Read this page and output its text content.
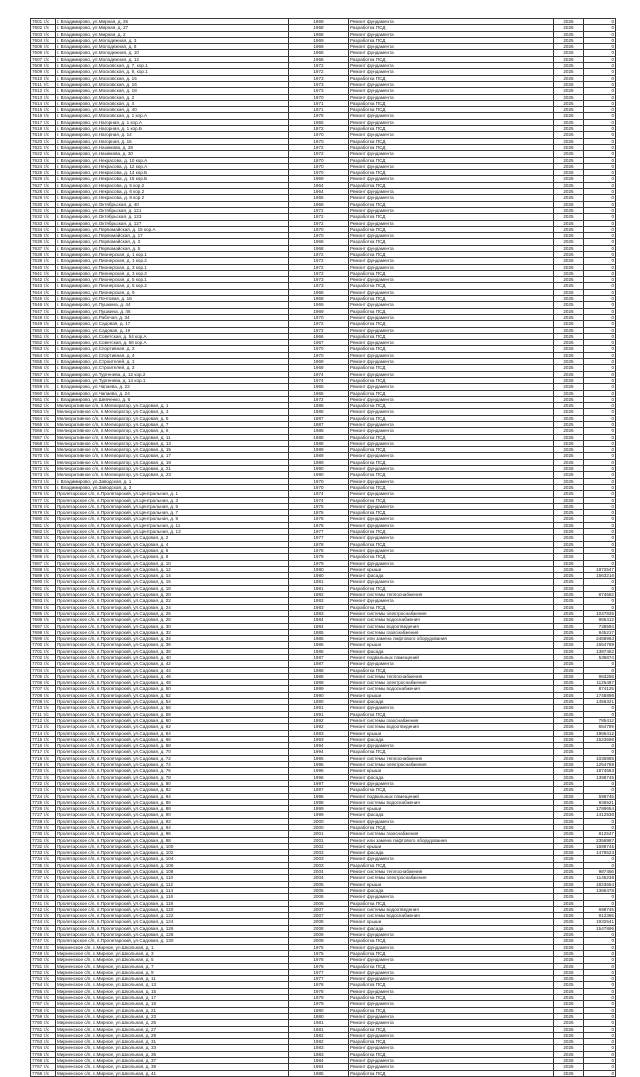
7601 т/с	г. Владимирово, ул.Мирная, д. 25	1969	Ремонт фундамента	2025	0
7602 т/с	г. Владимирово, ул.Мирная, д. 27	1968	Разработка ПСД	2025	0
7603 т/с	г. Владимирово, ул.Мирная, д. 2	1968	Ремонт фундамента	2025	0
7604 т/с	г. Владимирово, ул.Молодежная, д. 3	1969	Разработка ПСД	2025	0
7605 т/с	г. Владимирово, ул.Молодежная, д. 8	1969	Ремонт фундамента	2025	0
7606 т/с	г. Владимирово, ул.Молодежная, д. 10	1968	Ремонт фундамента	2025	0
7607 т/с	г. Владимирово, ул.Молодежная, д. 12	1966	Разработка ПСД	2025	0
7608 т/с	г. Владимирово, ул.Московская, д. 7, кор.1	1972	Ремонт фундамента	2025	0
7609 т/с	г. Владимирово, ул.Московская, д. 9, кор.1	1972	Ремонт фундамента	2025	0
7610 т/с	г. Владимирово, ул.Московская, д. 15	1973	Разработка ПСД	2025	0
7611 т/с	г. Владимирово, ул.Московская, д. 16	1973	Ремонт фундамента	2025	0
7612 т/с	г. Владимирово, ул.Московская, д. 18	1973	Ремонт фундамента	2025	0
7613 т/с	г. Владимирово, ул.Московская, д. 2	1970	Ремонт фундамента	2025	0
7614 т/с	г. Владимирово, ул.Московская, д. 4	1971	Разработка ПСД	2025	0
7615 т/с	г. Владимирово, ул.Московская, д. 40	1971	Разработка ПСД	2025	0
7616 т/с	г. Владимирово, ул.Московская, д. 1 кор.А	1976	Ремонт фундамента	2025	0
7617 т/с	г. Владимирово, ул.Нагорная, д. 1 кор.А	1965	Ремонт фундамента	2025	0
7618 т/с	г. Владимирово, ул.Нагорная, д. 1 кор.Б	1972	Разработка ПСД	2025	0
7619 т/с	г. Владимирово, ул.Нагорная, д. 14	1970	Ремонт фундамента	2025	0
7620 т/с	г. Владимирово, ул.Нагорная, д. 16	1970	Разработка ПСД	2025	0
7621 т/с	г. Владимирово, ул.Нахимова, д. 28	1972	Разработка ПСД	2025	0
7622 т/с	г. Владимирово, ул.Нахимова, д. 30	1972	Ремонт фундамента	2025	0
7623 т/с	г. Владимирово, ул.Некрасова, д. 10 кор.А	1970	Разработка ПСД	2025	0
7624 т/с	г. Владимирово, ул.Некрасова, д. 12 кор.А	1970	Ремонт фундамента	2025	0
7625 т/с	г. Владимирово, ул.Некрасова, д. 14 кор.Б	1970	Разработка ПСД	2025	0
7626 т/с	г. Владимирово, ул.Некрасова, д. 16 кор.Б	1969	Ремонт фундамента	2025	0
7627 т/с	г. Владимирово, ул.Некрасова, д. 5 кор.2	1964	Разработка ПСД	2025	0
7628 т/с	г. Владимирово, ул.Некрасова, д. 6 кор.2	1964	Ремонт фундамента	2025	0
7629 т/с	г. Владимирово, ул.Некрасова, д. 8 кор.2	1965	Ремонт фундамента	2025	0
7630 т/с	г. Владимирово, ул.Октябрьская, д. 40	1969	Разработка ПСД	2025	0
7631 т/с	г. Владимирово, ул.Октябрьская, д. 121	1972	Ремонт фундамента	2025	0
7632 т/с	г. Владимирово, ул.Октябрьская, д. 123	1972	Разработка ПСД	2025	0
7633 т/с	г. Владимирово, ул.Октябрьская, д. 127	1972	Ремонт фундамента	2025	0
7634 т/с	г. Владимирово, ул.Первомайская, д. 15 кор.А	1970	Разработка ПСД	2025	0
7635 т/с	г. Владимирово, ул.Первомайская, д. 17	1970	Ремонт фундамента	2025	0
7636 т/с	г. Владимирово, ул.Первомайская, д. 3	1968	Разработка ПСД	2025	0
7637 т/с	г. Владимирово, ул.Первомайская, д. 5	1968	Ремонт фундамента	2025	0
7638 т/с	г. Владимирово, ул.Пионерская, д. 1 кор.1	1972	Разработка ПСД	2025	0
7639 т/с	г. Владимирово, ул.Пионерская, д. 1 кор.2	1972	Ремонт фундамента	2025	0
7640 т/с	г. Владимирово, ул.Пионерская, д. 3 кор.1	1972	Ремонт фундамента	2025	0
7641 т/с	г. Владимирово, ул.Пионерская, д. 3 кор.2	1972	Разработка ПСД	2025	0
7642 т/с	г. Владимирово, ул.Пионерская, д. 5 кор.1	1973	Ремонт фундамента	2025	0
7643 т/с	г. Владимирово, ул.Пионерская, д. 5 кор.2	1973	Разработка ПСД	2025	0
7644 т/с	г. Владимирово, ул.Пионерская, д. 9	1968	Ремонт фундамента	2025	0
7645 т/с	г. Владимирово, ул.Почтовая, д. 16	1969	Разработка ПСД	2025	0
7646 т/с	г. Владимирово, ул.Пушкина, д. 44	1969	Ремонт фундамента	2025	0
7647 т/с	г. Владимирово, ул.Пушкина, д. 46	1969	Разработка ПСД	2025	0
7648 т/с	г. Владимирово, ул.Рабочая, д. 34	1970	Ремонт фундамента	2025	0
7649 т/с	г. Владимирово, ул.Садовая, д. 17	1972	Разработка ПСД	2025	0
7650 т/с	г. Владимирово, ул.Садовая, д. 19	1972	Ремонт фундамента	2025	0
7651 т/с	г. Владимирово, ул.Советская, д. 54 кор.А	1966	Разработка ПСД	2025	0
7652 т/с	г. Владимирово, ул.Советская, д. 56 кор.А	1967	Ремонт фундамента	2025	0
7653 т/с	г. Владимирово, ул.Спортивная, д. 2	1970	Разработка ПСД	2025	0
7654 т/с	г. Владимирово, ул.Спортивная, д. 4	1970	Ремонт фундамента	2025	0
7655 т/с	г. Владимирово, ул.Строителей, д. 1	1969	Ремонт фундамента	2025	0
7656 т/с	г. Владимирово, ул.Строителей, д. 3	1969	Разработка ПСД	2025	0
7657 т/с	г. Владимирово, ул.Тургенева, д. 12 кор.2	1974	Ремонт фундамента	2025	0
7658 т/с	г. Владимирово, ул.Тургенева, д. 14 кор.1	1974	Разработка ПСД	2025	0
7659 т/с	г. Владимирово, ул.Чапаева, д. 22	1965	Ремонт фундамента	2025	0
7660 т/с	г. Владимирово, ул.Чапаева, д. 24	1965	Разработка ПСД	2025	0
7661 т/с	г. Владимирово, ул.Шевченко, д. 6	1972	Ремонт фундамента	2025	0
7662 т/с	Мелиоративное с/п, п.Мелиоратор, ул.Садовая, д. 1	1986	Разработка ПСД	2025	0
7663 т/с	Мелиоративное с/п, п.Мелиоратор, ул.Садовая, д. 3	1986	Ремонт фундамента	2025	0
7664 т/с	Мелиоративное с/п, п.Мелиоратор, ул.Садовая, д. 5	1987	Разработка ПСД	2025	0
7665 т/с	Мелиоративное с/п, п.Мелиоратор, ул.Садовая, д. 7	1987	Ремонт фундамента	2025	0
7666 т/с	Мелиоративное с/п, п.Мелиоратор, ул.Садовая, д. 9	1988	Ремонт фундамента	2025	0
7667 т/с	Мелиоративное с/п, п.Мелиоратор, ул.Садовая, д. 11	1988	Разработка ПСД	2025	0
7668 т/с	Мелиоративное с/п, п.Мелиоратор, ул.Садовая, д. 13	1988	Ремонт фундамента	2025	0
7669 т/с	Мелиоративное с/п, п.Мелиоратор, ул.Садовая, д. 15	1989	Разработка ПСД	2025	0
7670 т/с	Мелиоративное с/п, п.Мелиоратор, ул.Садовая, д. 17	1989	Ремонт фундамента	2025	0
7671 т/с	Мелиоративное с/п, п.Мелиоратор, ул.Садовая, д. 19	1989	Разработка ПСД	2025	0
7672 т/с	Мелиоративное с/п, п.Мелиоратор, ул.Садовая, д. 21	1990	Ремонт фундамента	2025	0
7673 т/с	Мелиоративное с/п, п.Мелиоратор, ул.Садовая, д. 23	1990	Разработка ПСД	2025	0
7674 т/с	г. Владимирово, ул.Заводская, д. 1	1970	Ремонт фундамента	2025	0
7675 т/с	г. Владимирово, ул.Заводская, д. 3	1970	Разработка ПСД	2025	0
7676 т/с	Пролетарское с/п, п.Пролетарский, ул.Центральная, д. 1	1974	Ремонт фундамента	2025	0
7677 т/с	Пролетарское с/п, п.Пролетарский, ул.Центральная, д. 3	1974	Разработка ПСД	2025	0
7678 т/с	Пролетарское с/п, п.Пролетарский, ул.Центральная, д. 5	1975	Ремонт фундамента	2025	0
7679 т/с	Пролетарское с/п, п.Пролетарский, ул.Центральная, д. 7	1975	Разработка ПСД	2025	0
7680 т/с	Пролетарское с/п, п.Пролетарский, ул.Центральная, д. 9	1976	Ремонт фундамента	2025	0
7681 т/с	Пролетарское с/п, п.Пролетарский, ул.Центральная, д. 11	1976	Ремонт фундамента	2025	0
7682 т/с	Пролетарское с/п, п.Пролетарский, ул.Центральная, д. 13	1977	Разработка ПСД	2025	0
7683 т/с	Пролетарское с/п, п.Пролетарский, ул.Садовая, д. 2	1977	Ремонт фундамента	2025	0
7684 т/с	Пролетарское с/п, п.Пролетарский, ул.Садовая, д. 4	1978	Разработка ПСД	2025	0
7685 т/с	Пролетарское с/п, п.Пролетарский, ул.Садовая, д. 6	1978	Ремонт фундамента	2025	0
7686 т/с	Пролетарское с/п, п.Пролетарский, ул.Садовая, д. 8	1979	Разработка ПСД	2025	0
7687 т/с	Пролетарское с/п, п.Пролетарский, ул.Садовая, д. 10	1979	Ремонт фундамента	2025	0
7688 т/с	Пролетарское с/п, п.Пролетарский, ул.Садовая, д. 12	1980	Ремонт крыши	2025	1872547
7689 т/с	Пролетарское с/п, п.Пролетарский, ул.Садовая, д. 14	1980	Ремонт фасада	2025	1563216
7690 т/с	Пролетарское с/п, п.Пролетарский, ул.Садовая, д. 16	1981	Ремонт фундамента	2025	0
7691 т/с	Пролетарское с/п, п.Пролетарский, ул.Садовая, д. 18	1981	Разработка ПСД	2025	0
7692 т/с	Пролетарское с/п, п.Пролетарский, ул.Садовая, д. 20	1982	Ремонт системы теплоснабжения	2025	874562
7693 т/с	Пролетарское с/п, п.Пролетарский, ул.Садовая, д. 22	1982	Ремонт фундамента	2025	0
7694 т/с	Пролетарское с/п, п.Пролетарский, ул.Садовая, д. 24	1983	Разработка ПСД	2025	0
7695 т/с	Пролетарское с/п, п.Пролетарский, ул.Садовая, д. 26	1983	Ремонт системы электроснабжения	2025	1047835
7696 т/с	Пролетарское с/п, п.Пролетарский, ул.Садовая, д. 28	1984	Ремонт системы водоснабжения	2025	965412
7697 т/с	Пролетарское с/п, п.Пролетарский, ул.Садовая, д. 30	1984	Ремонт системы водоотведения	2025	736594
7698 т/с	Пролетарское с/п, п.Пролетарский, ул.Садовая, д. 32	1985	Ремонт системы газоснабжения	2025	845217
7699 т/с	Пролетарское с/п, п.Пролетарский, ул.Садовая, д. 34	1985	Ремонт или замена лифтового оборудования	2025	2458963
7700 т/с	Пролетарское с/п, п.Пролетарский, ул.Садовая, д. 36	1986	Ремонт крыши	2025	1654789
7701 т/с	Пролетарское с/п, п.Пролетарский, ул.Садовая, д. 38	1986	Ремонт фасада	2025	1387452
7702 т/с	Пролетарское с/п, п.Пролетарский, ул.Садовая, д. 40	1987	Ремонт подвальных помещений	2025	536874
7703 т/с	Пролетарское с/п, п.Пролетарский, ул.Садовая, д. 42	1987	Ремонт фундамента	2025	0
7704 т/с	Пролетарское с/п, п.Пролетарский, ул.Садовая, д. 44	1988	Разработка ПСД	2025	0
7705 т/с	Пролетарское с/п, п.Пролетарский, ул.Садовая, д. 46	1988	Ремонт системы теплоснабжения	2025	963258
7706 т/с	Пролетарское с/п, п.Пролетарский, ул.Садовая, д. 48	1989	Ремонт системы электроснабжения	2025	1125487
7707 т/с	Пролетарское с/п, п.Пролетарский, ул.Садовая, д. 50	1989	Ремонт системы водоснабжения	2025	874125
7708 т/с	Пролетарское с/п, п.Пролетарский, ул.Садовая, д. 52	1990	Ремонт крыши	2025	1745896
7709 т/с	Пролетарское с/п, п.Пролетарский, ул.Садовая, д. 54	1990	Ремонт фасада	2025	1456321
7710 т/с	Пролетарское с/п, п.Пролетарский, ул.Садовая, д. 56	1991	Ремонт фундамента	2025	0
7711 т/с	Пролетарское с/п, п.Пролетарский, ул.Садовая, д. 58	1991	Разработка ПСД	2025	0
7712 т/с	Пролетарское с/п, п.Пролетарский, ул.Садовая, д. 60	1992	Ремонт системы газоснабжения	2025	785412
7713 т/с	Пролетарское с/п, п.Пролетарский, ул.Садовая, д. 62	1992	Ремонт системы водоотведения	2025	654789
7714 т/с	Пролетарское с/п, п.Пролетарский, ул.Садовая, д. 64	1993	Ремонт крыши	2025	1965412
7715 т/с	Пролетарское с/п, п.Пролетарский, ул.Садовая, д. 66	1993	Ремонт фасада	2025	1523698
7716 т/с	Пролетарское с/п, п.Пролетарский, ул.Садовая, д. 68	1994	Ремонт фундамента	2025	0
7717 т/с	Пролетарское с/п, п.Пролетарский, ул.Садовая, д. 70	1994	Разработка ПСД	2025	0
7718 т/с	Пролетарское с/п, п.Пролетарский, ул.Садовая, д. 72	1995	Ремонт системы теплоснабжения	2025	1036985
7719 т/с	Пролетарское с/п, п.Пролетарский, ул.Садовая, д. 74	1995	Ремонт системы электроснабжения	2025	1254789
7720 т/с	Пролетарское с/п, п.Пролетарский, ул.Садовая, д. 76	1996	Ремонт крыши	2025	1874563
7721 т/с	Пролетарское с/п, п.Пролетарский, ул.Садовая, д. 78	1996	Ремонт фасада	2025	1398745
7722 т/с	Пролетарское с/п, п.Пролетарский, ул.Садовая, д. 80	1997	Ремонт фундамента	2025	0
7723 т/с	Пролетарское с/п, п.Пролетарский, ул.Садовая, д. 82	1997	Разработка ПСД	2025	0
7724 т/с	Пролетарское с/п, п.Пролетарский, ул.Садовая, д. 84	1998	Ремонт подвальных помещений	2025	598745
7725 т/с	Пролетарское с/п, п.Пролетарский, ул.Садовая, д. 86	1998	Ремонт системы водоснабжения	2025	936521
7726 т/с	Пролетарское с/п, п.Пролетарский, ул.Садовая, д. 88	1999	Ремонт крыши	2025	1789654
7727 т/с	Пролетарское с/п, п.Пролетарский, ул.Садовая, д. 90	1999	Ремонт фасада	2025	1412536
7728 т/с	Пролетарское с/п, п.Пролетарский, ул.Садовая, д. 92	2000	Ремонт фундамента	2025	0
7729 т/с	Пролетарское с/п, п.Пролетарский, ул.Садовая, д. 94	2000	Разработка ПСД	2025	0
7730 т/с	Пролетарское с/п, п.Пролетарский, ул.Садовая, д. 96	2001	Ремонт системы газоснабжения	2025	812547
7731 т/с	Пролетарское с/п, п.Пролетарский, ул.Садовая, д. 98	2001	Ремонт или замена лифтового оборудования	2025	2356987
7732 т/с	Пролетарское с/п, п.Пролетарский, ул.Садовая, д. 100	2002	Ремонт крыши	2025	1698745
7733 т/с	Пролетарское с/п, п.Пролетарский, ул.Садовая, д. 102	2002	Ремонт фасада	2025	1478523
7734 т/с	Пролетарское с/п, п.Пролетарский, ул.Садовая, д. 104	2003	Ремонт фундамента	2025	0
7735 т/с	Пролетарское с/п, п.Пролетарский, ул.Садовая, д. 106	2003	Разработка ПСД	2025	0
7736 т/с	Пролетарское с/п, п.Пролетарский, ул.Садовая, д. 108	2004	Ремонт системы теплоснабжения	2025	987456
7737 т/с	Пролетарское с/п, п.Пролетарский, ул.Садовая, д. 110	2004	Ремонт системы электроснабжения	2025	1145236
7738 т/с	Пролетарское с/п, п.Пролетарский, ул.Садовая, д. 112	2005	Ремонт крыши	2025	1823654
7739 т/с	Пролетарское с/п, п.Пролетарский, ул.Садовая, д. 114	2005	Ремонт фасада	2025	1365478
7740 т/с	Пролетарское с/п, п.Пролетарский, ул.Садовая, д. 116	2006	Ремонт фундамента	2025	0
7741 т/с	Пролетарское с/п, п.Пролетарский, ул.Садовая, д. 118	2006	Разработка ПСД	2025	0
7742 т/с	Пролетарское с/п, п.Пролетарский, ул.Садовая, д. 120	2007	Ремонт системы водоотведения	2025	698745
7743 т/с	Пролетарское с/п, п.Пролетарский, ул.Садовая, д. 122	2007	Ремонт системы водоснабжения	2025	912365
7744 т/с	Пролетарское с/п, п.Пролетарский, ул.Садовая, д. 124	2008	Ремонт крыши	2025	1932541
7745 т/с	Пролетарское с/п, п.Пролетарский, ул.Садовая, д. 126	2008	Ремонт фасада	2025	1547896
7746 т/с	Пролетарское с/п, п.Пролетарский, ул.Садовая, д. 128	2009	Ремонт фундамента	2025	0
7747 т/с	Пролетарское с/п, п.Пролетарский, ул.Садовая, д. 130	2009	Разработка ПСД	2025	0
7748 т/с	Мирненское с/п, с.Мирное, ул.Школьная, д. 1	1975	Ремонт фундамента	2025	0
7749 т/с	Мирненское с/п, с.Мирное, ул.Школьная, д. 3	1975	Разработка ПСД	2025	0
7750 т/с	Мирненское с/п, с.Мирное, ул.Школьная, д. 5	1976	Ремонт фундамента	2025	0
7751 т/с	Мирненское с/п, с.Мирное, ул.Школьная, д. 7	1976	Разработка ПСД	2025	0
7752 т/с	Мирненское с/п, с.Мирное, ул.Школьная, д. 9	1977	Ремонт фундамента	2025	0
7753 т/с	Мирненское с/п, с.Мирное, ул.Школьная, д. 11	1977	Ремонт фундамента	2025	0
7754 т/с	Мирненское с/п, с.Мирное, ул.Школьная, д. 13	1978	Разработка ПСД	2025	0
7755 т/с	Мирненское с/п, с.Мирное, ул.Школьная, д. 15	1978	Ремонт фундамента	2025	0
7756 т/с	Мирненское с/п, с.Мирное, ул.Школьная, д. 17	1979	Разработка ПСД	2025	0
7757 т/с	Мирненское с/п, с.Мирное, ул.Школьная, д. 19	1979	Ремонт фундамента	2025	0
7758 т/с	Мирненское с/п, с.Мирное, ул.Школьная, д. 21	1980	Разработка ПСД	2025	0
7759 т/с	Мирненское с/п, с.Мирное, ул.Школьная, д. 23	1980	Ремонт фундамента	2025	0
7760 т/с	Мирненское с/п, с.Мирное, ул.Школьная, д. 25	1981	Ремонт фундамента	2025	0
7761 т/с	Мирненское с/п, с.Мирное, ул.Школьная, д. 27	1981	Разработка ПСД	2025	0
7762 т/с	Мирненское с/п, с.Мирное, ул.Школьная, д. 29	1982	Ремонт фундамента	2025	0
7763 т/с	Мирненское с/п, с.Мирное, ул.Школьная, д. 31	1982	Разработка ПСД	2025	0
7764 т/с	Мирненское с/п, с.Мирное, ул.Школьная, д. 33	1983	Ремонт фундамента	2025	0
7765 т/с	Мирненское с/п, с.Мирное, ул.Школьная, д. 35	1983	Разработка ПСД	2025	0
7766 т/с	Мирненское с/п, с.Мирное, ул.Школьная, д. 37	1984	Ремонт фундамента	2025	0
7767 т/с	Мирненское с/п, с.Мирное, ул.Школьная, д. 39	1984	Ремонт фундамента	2025	0
7768 т/с	Мирненское с/п, с.Мирное, ул.Школьная, д. 41	1985	Разработка ПСД	2025	0
